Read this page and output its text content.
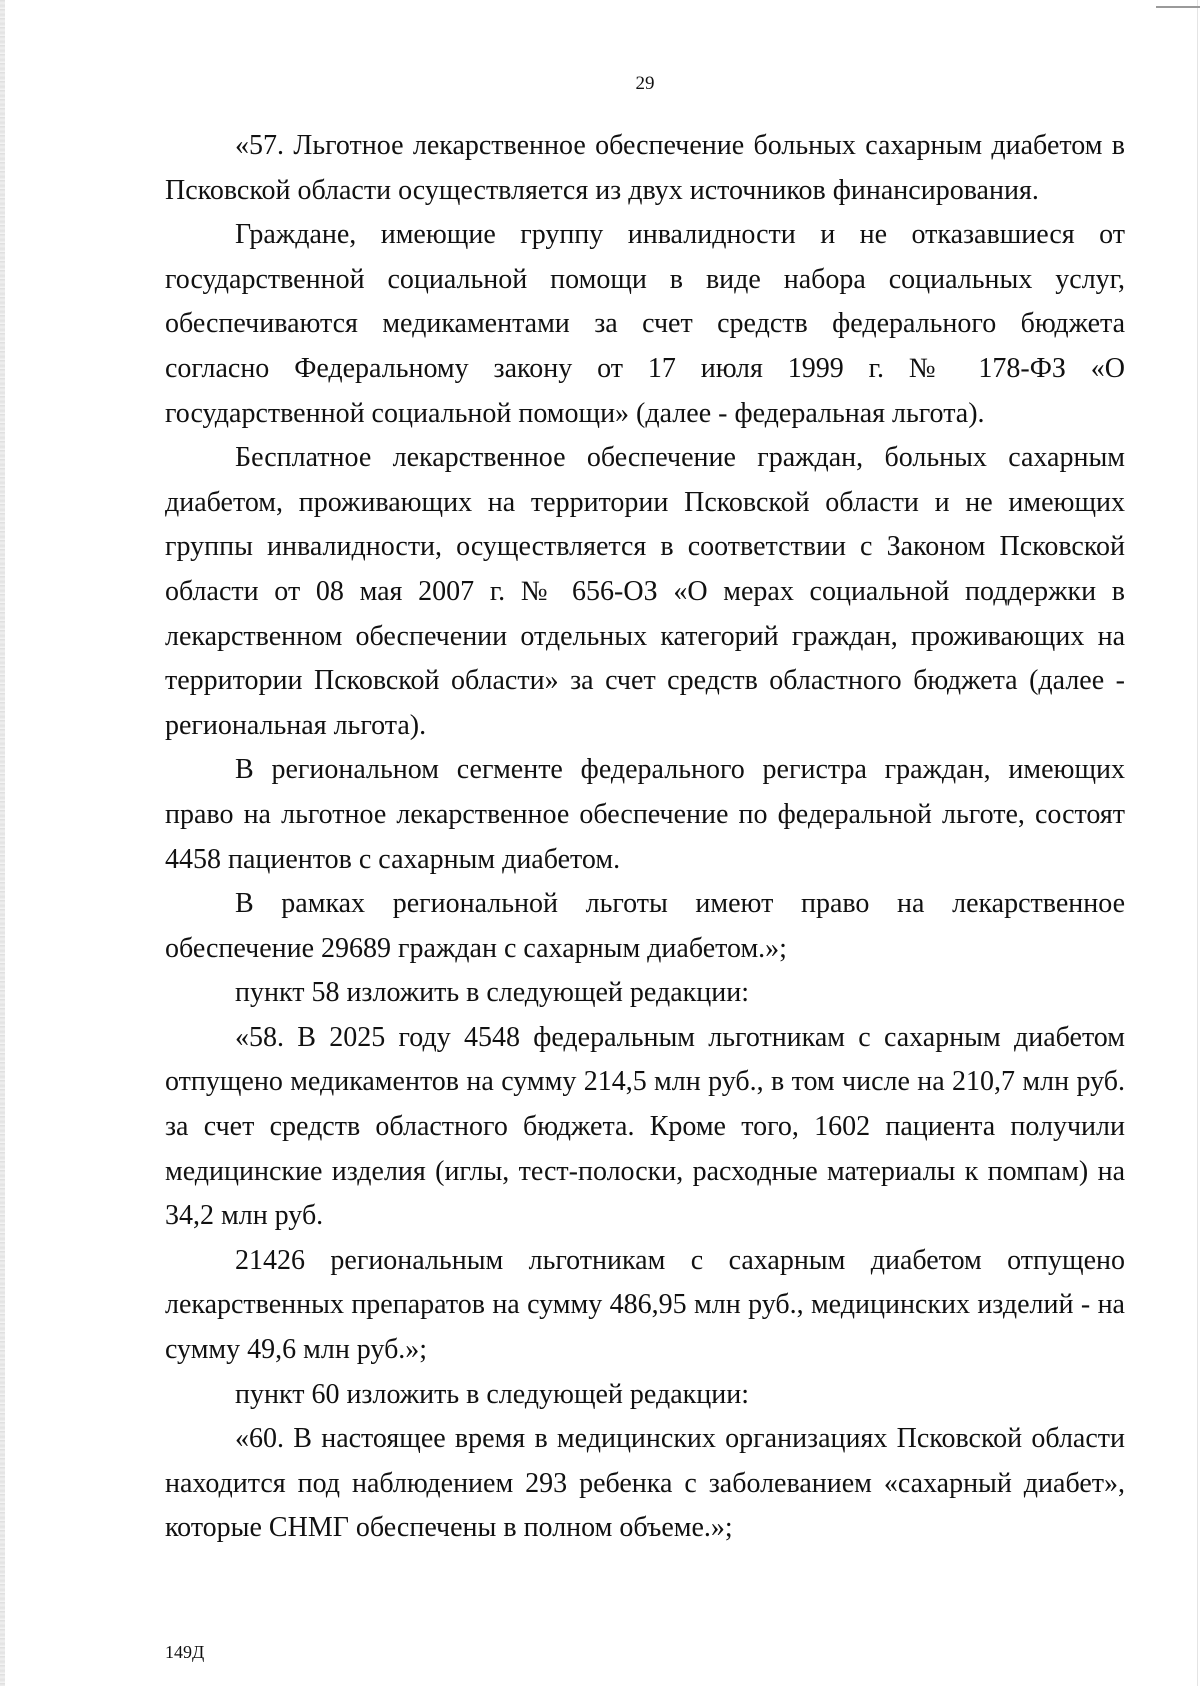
29

«57. Льготное лекарственное обеспечение больных сахарным диабетом в Псковской области осуществляется из двух источников финансирования.

Граждане, имеющие группу инвалидности и не отказавшиеся от государственной социальной помощи в виде набора социальных услуг, обеспечиваются медикаментами за счет средств федерального бюджета согласно Федеральному закону от 17 июля 1999 г. № 178-ФЗ «О государственной социальной помощи» (далее - федеральная льгота).

Бесплатное лекарственное обеспечение граждан, больных сахарным диабетом, проживающих на территории Псковской области и не имеющих группы инвалидности, осуществляется в соответствии с Законом Псковской области от 08 мая 2007 г. № 656-ОЗ «О мерах социальной поддержки в лекарственном обеспечении отдельных категорий граждан, проживающих на территории Псковской области» за счет средств областного бюджета (далее - региональная льгота).

В региональном сегменте федерального регистра граждан, имеющих право на льготное лекарственное обеспечение по федеральной льготе, состоят 4458 пациентов с сахарным диабетом.

В рамках региональной льготы имеют право на лекарственное обеспечение 29689 граждан с сахарным диабетом.»;

пункт 58 изложить в следующей редакции:

«58. В 2025 году 4548 федеральным льготникам с сахарным диабетом отпущено медикаментов на сумму 214,5 млн руб., в том числе на 210,7 млн руб. за счет средств областного бюджета. Кроме того, 1602 пациента получили медицинские изделия (иглы, тест-полоски, расходные материалы к помпам) на 34,2 млн руб.

21426 региональным льготникам с сахарным диабетом отпущено лекарственных препаратов на сумму 486,95 млн руб., медицинских изделий - на сумму 49,6 млн руб.»;

пункт 60 изложить в следующей редакции:

«60. В настоящее время в медицинских организациях Псковской области находится под наблюдением 293 ребенка с заболеванием «сахарный диабет», которые СНМГ обеспечены в полном объеме.»;

149Д
